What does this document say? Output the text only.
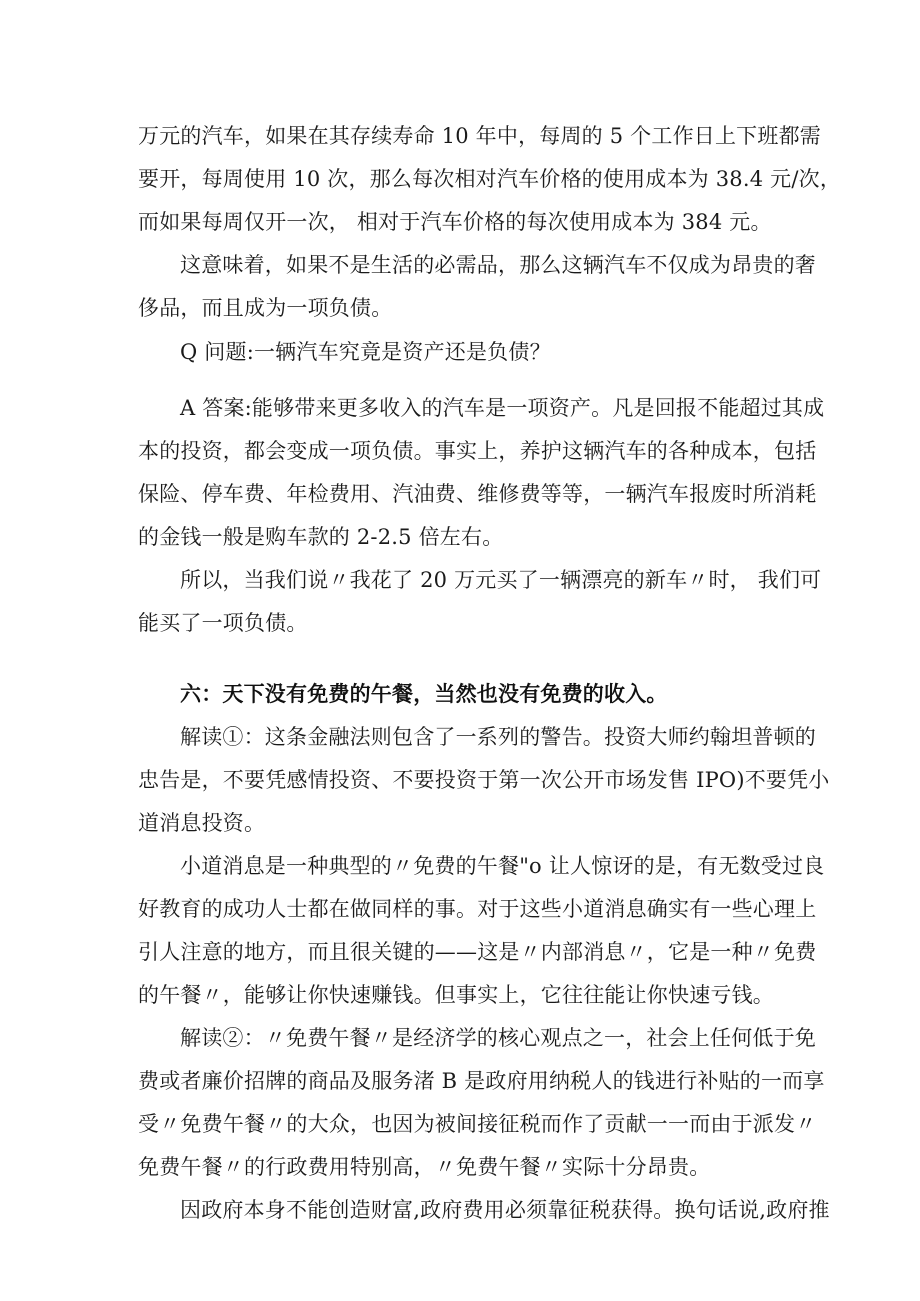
万元的汽车，如果在其存续寿命 10 年中，每周的 5 个工作日上下班都需
要开，每周使用 10 次，那么每次相对汽车价格的使用成本为 38.4 元/次，
而如果每周仅开一次， 相对于汽车价格的每次使用成本为 384 元。
这意味着，如果不是生活的必需品，那么这辆汽车不仅成为昂贵的奢
侈品，而且成为一项负债。
Q 问题:一辆汽车究竟是资产还是负债？
A 答案:能够带来更多收入的汽车是一项资产。凡是回报不能超过其成
本的投资，都会变成一项负债。事实上，养护这辆汽车的各种成本，包括
保险、停车费、年检费用、汽油费、维修费等等，一辆汽车报废时所消耗
的金钱一般是购车款的 2-2.5 倍左右。
所以，当我们说〃我花了 20 万元买了一辆漂亮的新车〃时， 我们可
能买了一项负债。
六：天下没有免费的午餐，当然也没有免费的收入。
解读①：这条金融法则包含了一系列的警告。投资大师约翰坦普顿的
忠告是，不要凭感情投资、不要投资于第一次公开市场发售 IPO)不要凭小
道消息投资。
小道消息是一种典型的〃免费的午餐"o 让人惊讶的是，有无数受过良
好教育的成功人士都在做同样的事。对于这些小道消息确实有一些心理上
引人注意的地方，而且很关键的——这是〃内部消息〃，它是一种〃免费
的午餐〃，能够让你快速赚钱。但事实上，它往往能让你快速亏钱。
解读②：〃免费午餐〃是经济学的核心观点之一，社会上任何低于免
费或者廉价招牌的商品及服务渚 B 是政府用纳税人的钱进行补贴的一而享
受〃免费午餐〃的大众，也因为被间接征税而作了贡献一一而由于派发〃
免费午餐〃的行政费用特别高，〃免费午餐〃实际十分昂贵。
因政府本身不能创造财富,政府费用必须靠征税获得。换句话说,政府推
